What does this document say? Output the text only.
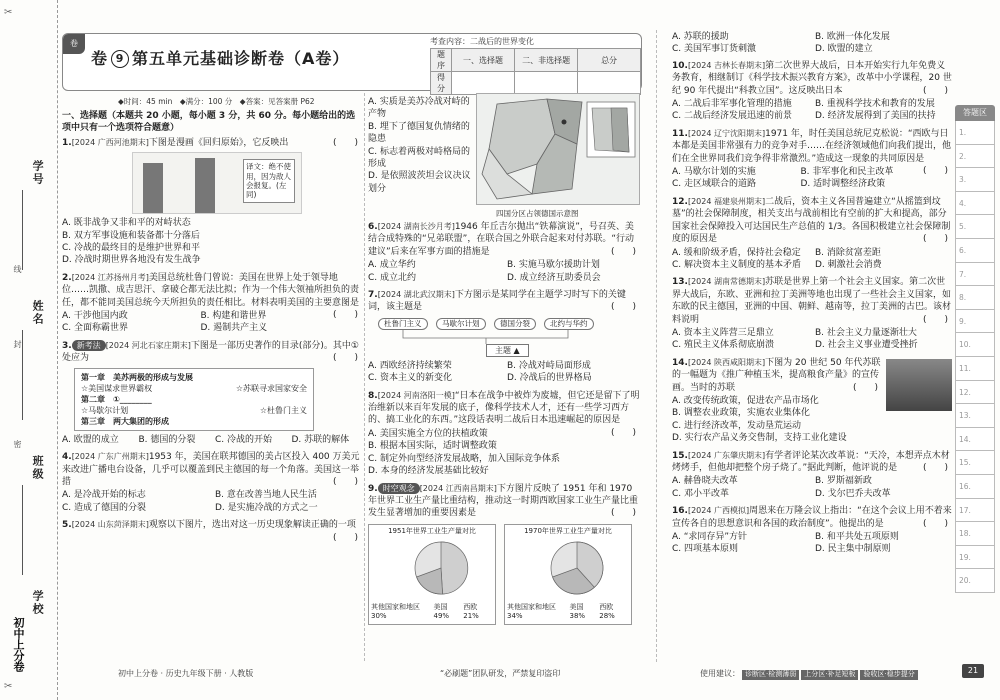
✂
✂
学号
线
姓名
封
班级
密
学校
初中上分卷
卷
卷 9 第五单元基础诊断卷（A卷）
考查内容：二战后的世界变化
题序	一、选择题	二、非选择题	总分
得分			
◆时间：45 min　◆满分：100 分　◆答案：见答案册 P62
一、选择题（本题共 20 小题，每小题 3 分，共 60 分。每小题给出的选项中只有一个选项符合题意）
1.[2024 广西河池期末]下图是漫画《回归原始》，它反映出	(　　)
译文：绝不使用，因为敌人会报复。(左同)
A. 既非战争又非和平的对峙状态
B. 双方军事设施和装备都十分落后
C. 冷战的最终目的是维护世界和平
D. 冷战时期世界各地没有发生战争
2.[2024 江苏扬州月考]美国总统杜鲁门曾说：美国在世界上处于领导地位……凯撒、成吉思汗、拿破仑都无法比拟；作为一个伟大领袖所担负的责任，都不能同美国总统今天所担负的责任相比。材料表明美国的主要意图是
(　　)
A. 干涉他国内政	B. 构建和谐世界
C. 全面称霸世界	D. 遏制共产主义
3. 新考法 [2024 河北石家庄期末]下图是一部历史著作的目录(部分)。其中①处应为	(　　)
第一章　美苏两极的形成与发展
☆美国谋求世界霸权	☆苏联寻求国家安全
第二章　①________
☆马歇尔计划	☆杜鲁门主义
第三章　两大集团的形成
A. 欧盟的成立	B. 德国的分裂	C. 冷战的开始	D. 苏联的解体
4.[2024 广东广州期末]1953 年，美国在联邦德国的美占区投入 400 万美元来改进广播电台设备，几乎可以覆盖到民主德国的每一个角落。美国这一举措	(　　)
A. 是冷战开始的标志	B. 意在改善当地人民生活
C. 造成了德国的分裂	D. 是实施冷战的方式之一
5.[2024 山东菏泽期末]观察以下图片，选出对这一历史现象解读正确的一项
(　　)
A. 实质是美苏冷战对峙的产物
B. 埋下了德国复仇情绪的隐患
C. 标志着两极对峙格局的形成
D. 是依照波茨坦会议决议划分
四国分区占领德国示意图
6.[2024 湖南长沙月考]1946 年丘吉尔抛出“铁幕演说”，号召英、美结合成特殊的“兄弟联盟”，在联合国之外联合起来对付苏联。“行动建议”后来在军事方面的措施是	(　　)
A. 成立华约	B. 实施马歇尔援助计划
C. 成立北约	D. 成立经济互助委员会
7.[2024 湖北武汉期末]下方图示是某同学在主题学习时写下的关键词，该主题是	(　　)
杜鲁门主义	马歇尔计划	德国分裂	北约与华约
主题 ▲
A. 西欧经济持续繁荣	B. 冷战对峙局面形成
C. 资本主义的新变化	D. 冷战后的世界格局
8.[2024 河南洛阳一模]“日本在战争中被炸为废墟，但它还是留下了明治维新以来百年发展的底子，像科学技术人才，还有一些学习西方的、搞工业化的东西。”这段话表明二战后日本迅速崛起的原因是
(　　)
A. 美国实施全方位的扶植政策
B. 根据本国实际，适时调整政策
C. 制定外向型经济发展战略，加入国际竞争体系
D. 本身的经济发展基础比较好
9. 时空观念 [2024 江西南昌期末]下方图片反映了 1951 年和 1970 年世界工业生产量比重结构，推动这一时期西欧国家工业生产量比重发生显著增加的重要因素是	(　　)
1951年世界工业生产量对比
其他国家和地区 30%
美国 49%
西欧 21%
1970年世界工业生产量对比
其他国家和地区 34%
美国 38%
西欧 28%
A. 苏联的援助	B. 欧洲一体化发展
C. 美国军事订货刺激	D. 欧盟的建立
10.[2024 吉林长春期末]第二次世界大战后，日本开始实行九年免费义务教育，相继制订《科学技术振兴教育方案》，改革中小学课程，20 世纪 90 年代提出“科教立国”。这反映出日本	(　　)
A. 二战后非军事化管理的措施	B. 重视科学技术和教育的发展
C. 二战后经济发展迅速的前景	D. 经济发展得到了美国的扶持
11.[2024 辽宁沈阳期末]1971 年，时任美国总统尼克松说：“西欧与日本都是美国非常强有力的竞争对手……在经济领域他们向我们提出，他们在全世界同我们竞争得非常激烈。”造成这一现象的共同原因是
(　　)
A. 马歇尔计划的实施	B. 非军事化和民主改革
C. 走区域联合的道路	D. 适时调整经济政策
12.[2024 福建泉州期末]二战后，资本主义各国普遍建立“从摇篮到坟墓”的社会保障制度，相关支出与战前相比有空前的扩大和提高，部分国家社会保障投入可达国民生产总值的 1/3。各国积极建立社会保障制度的原因是	(　　)
A. 缓和阶级矛盾，保持社会稳定	B. 消除贫富差距
C. 解决资本主义制度的基本矛盾	D. 刺激社会消费
13.[2024 湖南常德期末]苏联是世界上第一个社会主义国家。第二次世界大战后，东欧、亚洲和拉丁美洲等地也出现了一些社会主义国家，如东欧的民主德国，亚洲的中国、朝鲜、越南等，拉丁美洲的古巴。该材料说明	(　　)
A. 资本主义阵营三足鼎立	B. 社会主义力量逐渐壮大
C. 殖民主义体系彻底崩溃	D. 社会主义事业遭受挫折
14.[2024 陕西咸阳期末]下图为 20 世纪 50 年代苏联的一幅题为《推广种植玉米，提高粮食产量》的宣传画。当时的苏联	(　　)
A. 改变传统政策，促进农产品市场化
B. 调整农业政策，实施农业集体化
C. 进行经济改革，发动垦荒运动
D. 实行农产品义务交售制，支持工业化建设
15.[2024 广东肇庆期末]有学者评论某次改革说：“天冷，本想弄点木材烤烤手，但他却把整个房子烧了。”据此判断，他评说的是	(　　)
A. 赫鲁晓夫改革	B. 罗斯福新政
C. 邓小平改革	D. 戈尔巴乔夫改革
16.[2024 广西模拟]周恩来在万隆会议上指出：“在这个会议上用不着来宣传各自的思想意识和各国的政治制度”。他提出的是	(　　)
A. “求同存异”方针	B. 和平共处五项原则
C. 四项基本原则	D. 民主集中制原则
答题区
1.
2.
3.
4.
5.
6.
7.
8.
9.
10.
11.
12.
13.
14.
15.
16.
17.
18.
19.
20.
初中上分卷 · 历史九年级下册 · 人教版	“必刷题”团队研发，严禁复印盗印	使用建议： 诊断区·检测薄弱 上分区·补足短板 验收区·稳步提分	21
